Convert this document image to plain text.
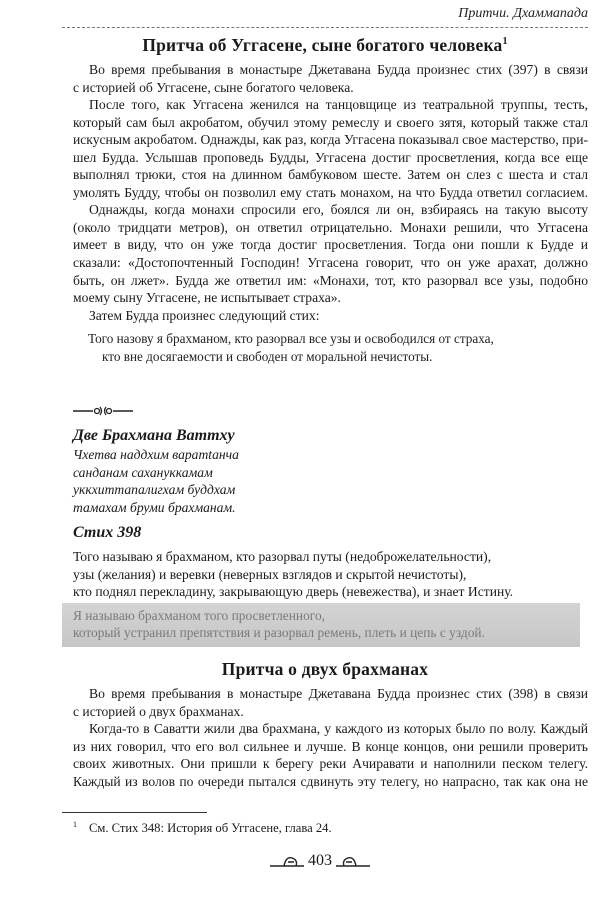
Притчи. Дхаммапада
Притча об Уггасене, сыне богатого человека$^1$
Во время пребывания в монастыре Джетавана Будда произнес стих (397) в связи
с историей об Уггасене, сыне богатого человека.
После того, как Уггасена женился на танцовщице из театральной труппы, тесть,
который сам был акробатом, обучил этому ремеслу и своего зятя, который также стал
искусным акробатом. Однажды, как раз, когда Уггасена показывал свое мастерство, при-
шел Будда. Услышав проповедь Будды, Уггасена достиг просветления, когда все еще
выполнял трюки, стоя на длинном бамбуковом шесте. Затем он слез с шеста и стал
умолять Будду, чтобы он позволил ему стать монахом, на что Будда ответил согласием.
Однажды, когда монахи спросили его, боялся ли он, взбираясь на такую высоту
(около тридцати метров), он ответил отрицательно. Монахи решили, что Уггасена
имеет в виду, что он уже тогда достиг просветления. Тогда они пошли к Будде и
сказали: «Достопочтенный Господин! Уггасена говорит, что он уже арахат, должно
быть, он лжет». Будда же ответил им: «Монахи, тот, кто разорвал все узы, подобно
моему сыну Уггасене, не испытывает страха».
Затем Будда произнес следующий стих:
Того назову я брахманом, кто разорвал все узы и освободился от страха,
кто вне досягаемости и свободен от моральной нечистоты.
Две Брахмана Ваттху
Чхетва наддхим варатtанча
санданам сахануккамам
уккхиттапалигхам буддхам
тамахам бруми брахманам.
Стих 398
Того называю я брахманом, кто разорвал путы (недоброжелательности),
узы (желания) и веревки (неверных взглядов и скрытой нечистоты),
кто поднял перекладину, закрывающую дверь (невежества), и знает Истину.
Я называю брахманом того просветленного,
который устранил препятствия и разорвал ремень, плеть и цепь с уздой.
Притча о двух брахманах
Во время пребывания в монастыре Джетавана Будда произнес стих (398) в связи
с историей о двух брахманах.
Когда-то в Саватти жили два брахмана, у каждого из которых было по волу. Каждый
из них говорил, что его вол сильнее и лучше. В конце концов, они решили проверить
своих животных. Они пришли к берегу реки Ачиравати и наполнили песком телегу.
Каждый из волов по очереди пытался сдвинуть эту телегу, но напрасно, так как она не
$^1$ См. Стих 348: История об Уггасене, глава 24.
403
